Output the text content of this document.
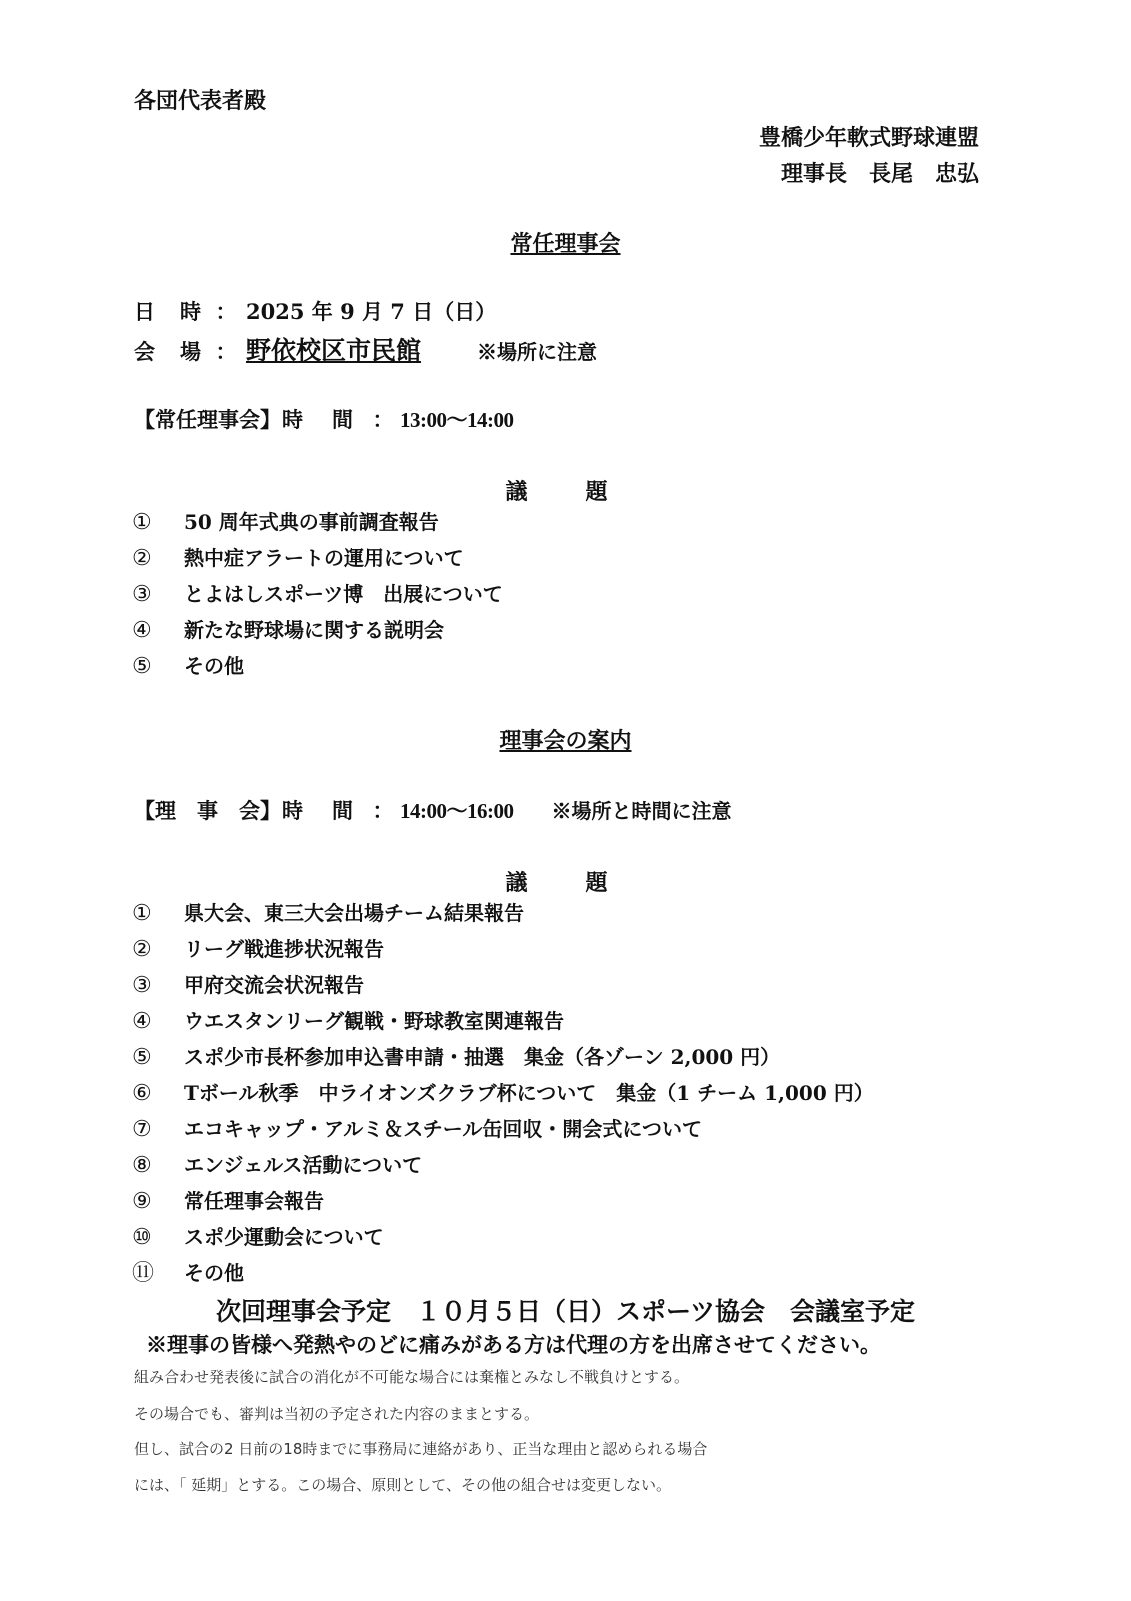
各団代表者殿
豊橋少年軟式野球連盟
理事長　長尾　忠弘
常任理事会
日　時 ： 2025 年 9 月 7 日（日）
会　場 ： 野依校区市民館	※場所に注意
【常任理事会】時　間 ： 13:00～14:00
議　題
① 50 周年式典の事前調査報告
② 熱中症アラートの運用について
③ とよはしスポーツ博　出展について
④ 新たな野球場に関する説明会
⑤ その他
理事会の案内
【理　事　会】時　間 ： 14:00～16:00 ※場所と時間に注意
議　題
① 県大会、東三大会出場チーム結果報告
② リーグ戦進捗状況報告
③ 甲府交流会状況報告
④ ウエスタンリーグ観戦・野球教室関連報告
⑤ スポ少市長杯参加申込書申請・抽選　集金（各ゾーン 2,000 円）
⑥ Tボール秋季　中ライオンズクラブ杯について　集金（1 チーム 1,000 円）
⑦ エコキャップ・アルミ＆スチール缶回収・開会式について
⑧ エンジェルス活動について
⑨ 常任理事会報告
⑩ スポ少運動会について
⑪ その他
次回理事会予定　１０月５日（日）スポーツ協会　会議室予定
※理事の皆様へ発熱やのどに痛みがある方は代理の方を出席させてください。
組み合わせ発表後に試合の消化が不可能な場合には棄権とみなし不戦負けとする。
その場合でも、審判は当初の予定された内容のままとする。
但し、試合の2 日前の18時までに事務局に連絡があり、正当な理由と認められる場合
には、「 延期」とする。この場合、原則として、その他の組合せは変更しない。
